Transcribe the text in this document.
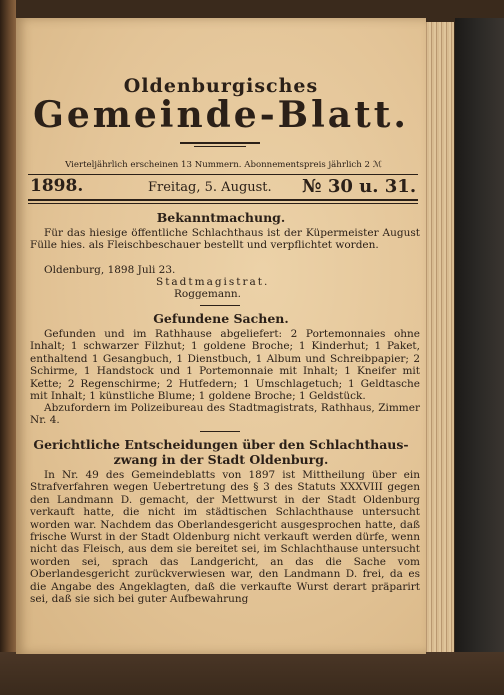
Oldenburgisches
Gemeinde-Blatt.
Vierteljährlich erscheinen 13 Nummern. Abonnementspreis jährlich 2 ℳ
1898.	Freitag, 5. August. № 30 u. 31.
Bekanntmachung.

Für das hiesige öffentliche Schlachthaus ist der Küpermeister August Fülle hies. als Fleischbeschauer bestellt und verpflichtet worden.

Oldenburg, 1898 Juli 23.
Stadtmagistrat.
Roggemann.
Gefundene Sachen.

Gefunden und im Rathhause abgeliefert: 2 Portemonnaies ohne Inhalt; 1 schwarzer Filzhut; 1 goldene Broche; 1 Kinderhut; 1 Paket, enthaltend 1 Gesangbuch, 1 Dienstbuch, 1 Album und Schreibpapier; 2 Schirme, 1 Handstock und 1 Portemonnaie mit Inhalt; 1 Kneifer mit Kette; 2 Regenschirme; 2 Hutfedern; 1 Umschlagetuch; 1 Geldtasche mit Inhalt; 1 künstliche Blume; 1 goldene Broche; 1 Geldstück.

Abzufordern im Polizeibureau des Stadtmagistrats, Rathhaus, Zimmer Nr. 4.

Gerichtliche Entscheidungen über den Schlachthaus-
zwang in der Stadt Oldenburg.

In Nr. 49 des Gemeindeblatts von 1897 ist Mittheilung über ein Strafverfahren wegen Uebertretung des § 3 des Statuts XXXVIII gegen den Landmann D. gemacht, der Mettwurst in der Stadt Oldenburg verkauft hatte, die nicht im städtischen Schlachthause untersucht worden war. Nachdem das Oberlandesgericht ausgesprochen hatte, daß frische Wurst in der Stadt Oldenburg nicht verkauft werden dürfe, wenn nicht das Fleisch, aus dem sie bereitet sei, im Schlachthause untersucht worden sei, sprach das Landgericht, an das die Sache vom Oberlandesgericht zurückverwiesen war, den Landmann D. frei, da es die Angabe des Angeklagten, daß die verkaufte Wurst derart präparirt sei, daß sie sich bei guter Aufbewahrung
